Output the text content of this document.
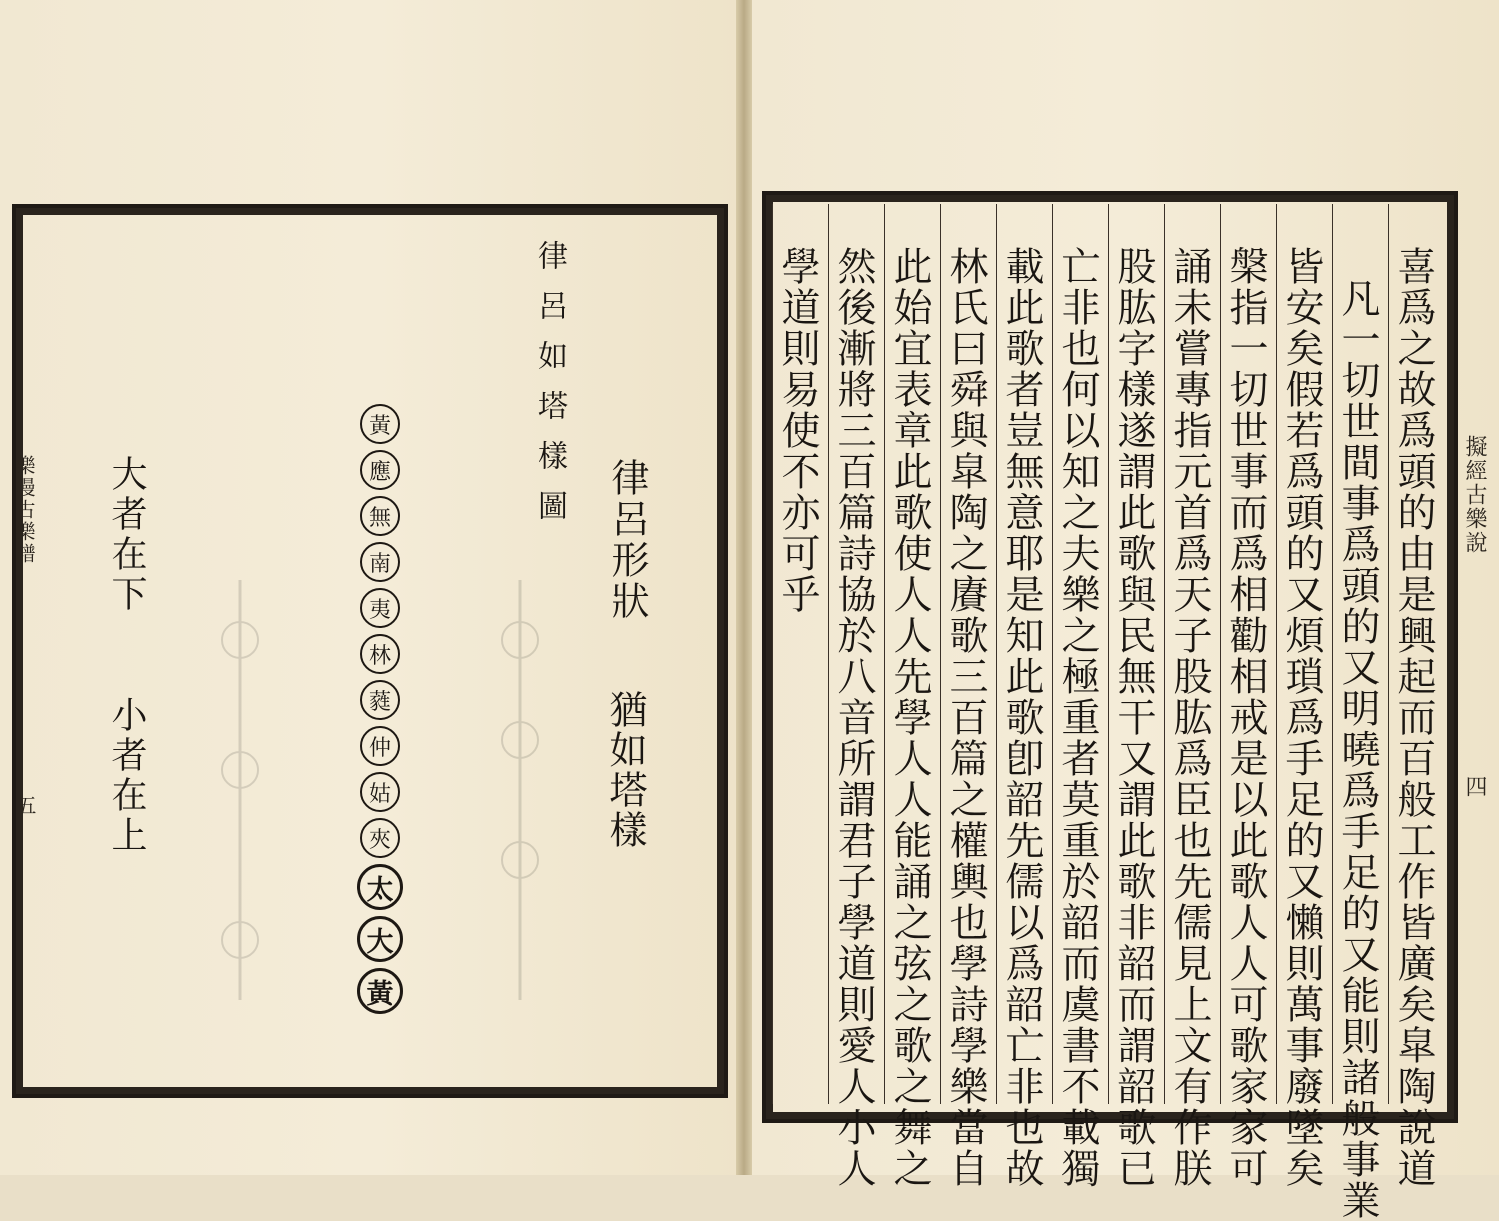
律呂如塔樣圖 律呂形狀
猶如塔樣
大者在下
小者在上
黃
應
無
南
夷
林
蕤
仲
姑
夾
太
大
黃
樂漫古樂譜
五	喜爲之故爲頭的由是興起而百般工作皆廣矣皐陶說道
凡一切世間事爲頭的又明曉爲手足的又能則諸般事業
皆安矣假若爲頭的又煩瑣爲手足的又懶則萬事廢墜矣
槃指一切世事而爲相勸相戒是以此歌人人可歌家家可
誦未嘗專指元首爲天子股肱爲臣也先儒見上文有作朕
股肱字樣遂謂此歌與民無干又謂此歌非韶而謂韶歌已
亡非也何以知之夫樂之極重者莫重於韶而虞書不載獨
載此歌者豈無意耶是知此歌卽韶先儒以爲韶亡非也故
林氏曰舜與皐陶之賡歌三百篇之權輿也學詩學樂當自
此始宜表章此歌使人人先學人人能誦之弦之歌之舞之
然後漸將三百篇詩協於八音所謂君子學道則愛人小人
學道則易使不亦可乎	擬經古樂說
四
